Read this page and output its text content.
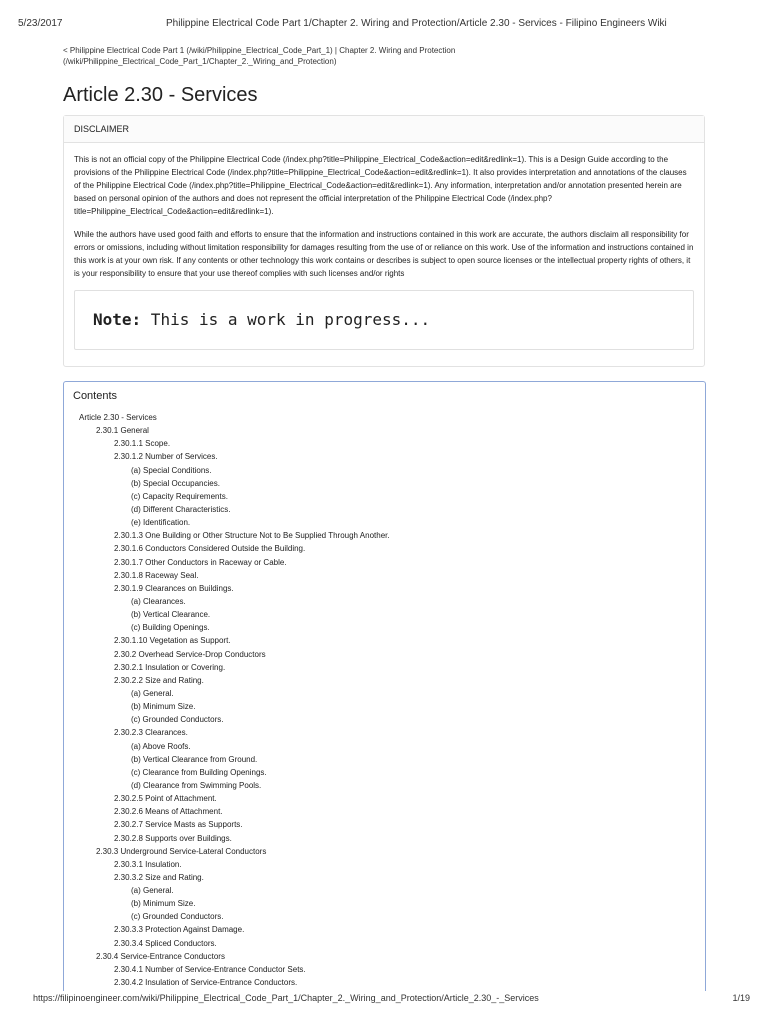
5/23/2017	Philippine Electrical Code Part 1/Chapter 2. Wiring and Protection/Article 2.30 - Services - Filipino Engineers Wiki
< Philippine Electrical Code Part 1 (/wiki/Philippine_Electrical_Code_Part_1) | Chapter 2. Wiring and Protection (/wiki/Philippine_Electrical_Code_Part_1/Chapter_2._Wiring_and_Protection)
Article 2.30 - Services
DISCLAIMER

This is not an official copy of the Philippine Electrical Code (/index.php?title=Philippine_Electrical_Code&action=edit&redlink=1). This is a Design Guide according to the provisions of the Philippine Electrical Code (/index.php?title=Philippine_Electrical_Code&action=edit&redlink=1). It also provides interpretation and annotations of the clauses of the Philippine Electrical Code (/index.php?title=Philippine_Electrical_Code&action=edit&redlink=1). Any information, interpretation and/or annotation presented herein are based on personal opinion of the authors and does not represent the official interpretation of the Philippine Electrical Code (/index.php?title=Philippine_Electrical_Code&action=edit&redlink=1).

While the authors have used good faith and efforts to ensure that the information and instructions contained in this work are accurate, the authors disclaim all responsibility for errors or omissions, including without limitation responsibility for damages resulting from the use of or reliance on this work. Use of the information and instructions contained in this work is at your own risk. If any contents or other technology this work contains or describes is subject to open source licenses or the intellectual property rights of others, it is your responsibility to ensure that your use thereof complies with such licenses and/or rights

Note: This is a work in progress...
Contents
Article 2.30 - Services
2.30.1 General
2.30.1.1 Scope.
2.30.1.2 Number of Services.
(a) Special Conditions.
(b) Special Occupancies.
(c) Capacity Requirements.
(d) Different Characteristics.
(e) Identification.
2.30.1.3 One Building or Other Structure Not to Be Supplied Through Another.
2.30.1.6 Conductors Considered Outside the Building.
2.30.1.7 Other Conductors in Raceway or Cable.
2.30.1.8 Raceway Seal.
2.30.1.9 Clearances on Buildings.
(a) Clearances.
(b) Vertical Clearance.
(c) Building Openings.
2.30.1.10 Vegetation as Support.
2.30.2 Overhead Service-Drop Conductors
2.30.2.1 Insulation or Covering.
2.30.2.2 Size and Rating.
(a) General.
(b) Minimum Size.
(c) Grounded Conductors.
2.30.2.3 Clearances.
(a) Above Roofs.
(b) Vertical Clearance from Ground.
(c) Clearance from Building Openings.
(d) Clearance from Swimming Pools.
2.30.2.5 Point of Attachment.
2.30.2.6 Means of Attachment.
2.30.2.7 Service Masts as Supports.
2.30.2.8 Supports over Buildings.
2.30.3 Underground Service-Lateral Conductors
2.30.3.1 Insulation.
2.30.3.2 Size and Rating.
(a) General.
(b) Minimum Size.
(c) Grounded Conductors.
2.30.3.3 Protection Against Damage.
2.30.3.4 Spliced Conductors.
2.30.4 Service-Entrance Conductors
2.30.4.1 Number of Service-Entrance Conductor Sets.
2.30.4.2 Insulation of Service-Entrance Conductors.
https://filipinoengineer.com/wiki/Philippine_Electrical_Code_Part_1/Chapter_2._Wiring_and_Protection/Article_2.30_-_Services	1/19
